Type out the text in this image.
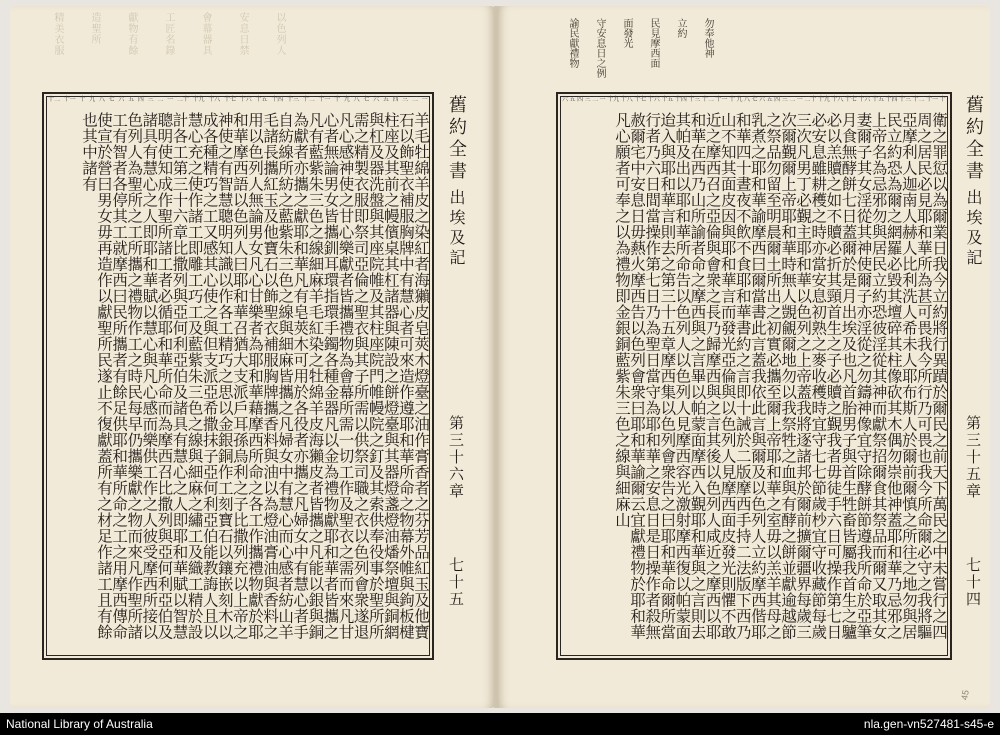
以色列人
安息日禁
會幕器具
工匠名錄
獻物有餘
造聖所
精美衣服	勿奉他神
立約
民見摩西面
面發光
守安息日之例
諭民獻禮物
一
二
三
四
五
六
七
八
九
十
十一
十二
十三
十四
十五
十六
十七
十八
十九
二十
一
二
三
四
五
六
七
八
九
十
十一
十二
羊毛牡綿羊皮之染紅者海獺皮皂莢木燈臺之油作膏香者之芬芳品紅玉及他寶石以飾聖衣補服胸牌中有慧心者可來造作遵耶和華所命之物幕外帷與鉤板楗柱座及其前之幔儐桌其杠諸器與陳設之餅燈臺與其器燈盞燈油燔祭壇與銅網與杠及器洗盤與其座院帷及其柱座院門帷幔院之釘及其索供奉役事於聖所所需之精製衣服即祭司亞倫之聖衣與其子所需以供祭司職之衣以色列會衆遂退凡心感神使之甘心樂獻者皆攜禮物為會幕所需一切工作及聖衣之需而來凡甘心者無論男女皆攜釧耳環指環手鐲各種金器凡以金為禮物獻耶和華者皆攜之凡有藍紫朱三色之線細麻羊毛紅染之牡綿羊皮海獺皮者皆攜之凡能以銀與銅為獻者亦攜之獻耶和華凡有皂莢木可用於各役者亦攜之凡婦女中有慧心者手自紡線所紡之藍紫朱三色之線與細麻皆攜之凡婦女中有慧心而心感者紡山羊毛諸長攜紅玉及他寶石以飾聖衣補服胸牌攜香料與油以為燈油膏油與香料之用以色列人無論男女凡心甘樂者為耶和華藉摩西所命之各工作攜禮物獻於耶和華摩西語以色列人曰耶和華召猶大支派戶耳孫烏利之子比撒列充以上帝之神使之有智慧聰明知識以作各工精巧之思以金銀銅作工刻寶石以鑲嵌刻木以成各種精巧之工又感其心使之與但支派亞希撒抹子亞何利亞伯能教誨人且以慧心充之使作諸工即雕工巧工及藍紫朱三色之線與細麻之繡工及織工精於設計各工第三十六章比撒列與亞何利亞伯及諸具有慧心之人即耶和華賦以智慧聰明使知成作聖所諸工者必循耶和華所命而為摩西召比撒列與亞何利亞伯及諸具有慧心之人即耶和華賦以慧心與凡心感而樂供工作之人彼受摩西所接以色列人為聖所之工所攜之禮物作工之時民每早仍攜樂獻之物而來凡作聖所諸工有智者各停其工就摩西曰民所攜者有餘足供耶和華所命之工之用摩西傳命使宣於營曰男女毋再造作以獻聖所民遂止不復獻蓋所有之材足作諸工且有餘也其中諸有	舊約全書
出埃及記
第三十六章
七十五
十
十一
十二
十三
十四
十五
十六
十七
十八
十九
二十
一
二
三
四
五
六
七
八
九
十
十一
十二
十三
十四
十五
十六
十七
十八
十九
一
二
三
四
五
六
衛之罪愆以為爾業日我今立約將行異蹟於爾民之前天下萬民之中未嘗行之四周之居民必見耶和華所為甚可畏我今所行乃可畏也我今所命爾必守之我將驅亞摩利人迦南人赫人比利洗人希未人耶布斯人於爾前爾慎之所往之地勿與居民立約恐為爾之網羅必毀其壇碎其柱像砍其木偶勿崇他神蓋耶和華乃忌邪之上帝名為忌邪勿與居民立約恐彼淫從其神而獻祭招爾食其祭品而爾又取其女妻爾子其女淫從其神使爾子亦淫從之勿鑄神像宜守除酵餅節遵我所命於亞筆月食無酵餅七日蓋爾於是月出埃及也凡首胎男子與首生牲畜皆屬我首生之驢必以羔贖之如不贖必折其頸首生之子必贖之覲我者毋徒手六日可操作第七日必安息雖耕穫之時亦當安息初熟之麥收穫時宜守七七節歲杪宜守收藏節每歲三次凡男丁必覲主耶和華以色列之上帝蓋我將逐諸邦於爾前擴爾疆界每歲三次爾覲爾上帝耶和華時無人覬覦爾地勿以我祭牲之血與有酵之餅並獻逾越節之祭品勿留至明晨爾土所出之初實必攜至爾上帝耶和華之室毋以羔羊其母之乳煮之耶和華諭摩西曰爾當書此言蓋我依此言與爾及以色列人立約摩西偕耶和華四十晝夜不飲不食耶和華書約之言即十誡於二版摩西手持二法版下西乃山不知其面皮因與耶和華言而發光亞倫與以色列人見摩西面皮發光則懼不敢近之摩西召之亞倫與會衆之長乃歸摩西與之言其後以色列人咸近之摩西以耶和華在西乃山所諭者命之摩西與之言畢以帕蒙面摩西入覲耶和華與之言則去其帕及出以耶和華所命告以色列人以色列人見摩西容光激射摩西復以帕蒙面迨入與耶和華言則去之第三十五章摩西集以色列會衆告之曰耶和華命爾所當行者乃六日間當操作第七日乃為聖日當守為耶和華之安息日是日操作者殺無赦爾宅中安息日毋爇火摩西告以色列會衆曰耶和華諭爾云宜獻禮物於耶和華凡心願者可奉之以為禮物即金銀銅藍紫朱三色之線與細麻山	舊約全書
出埃及記
第三十五章
七十四
45
National Library of Australia	nla.gen-vn527481-s45-e
